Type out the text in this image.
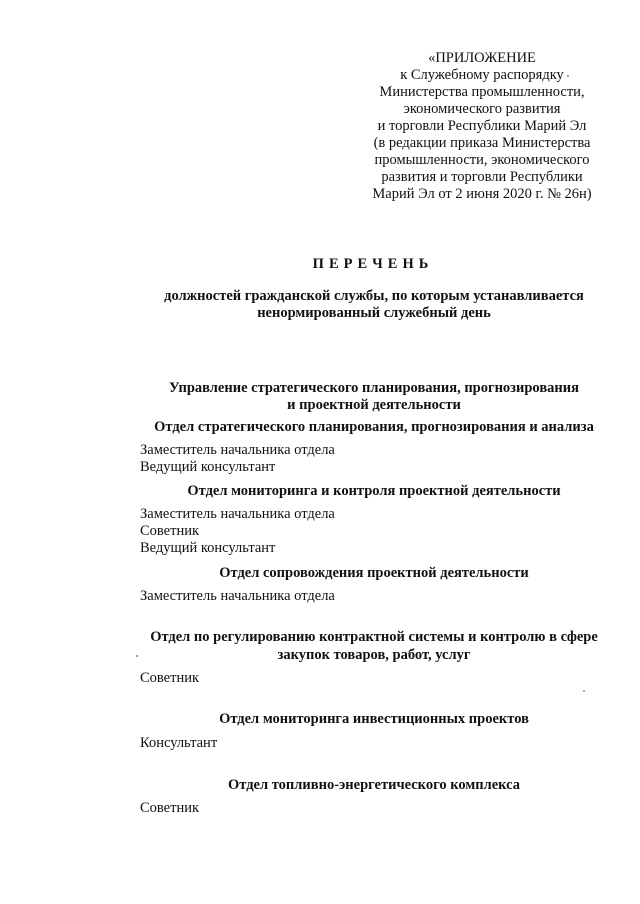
«ПРИЛОЖЕНИЕ
к Служебному распорядку
Министерства промышленности,
экономического развития
и торговли Республики Марий Эл
(в редакции приказа Министерства
промышленности, экономического
развития и торговли Республики
Марий Эл от 2 июня 2020 г. № 26н)
ПЕРЕЧЕНЬ
должностей гражданской службы, по которым устанавливается
ненормированный служебный день
Управление стратегического планирования, прогнозирования
и проектной деятельности
Отдел стратегического планирования, прогнозирования и анализа
Заместитель начальника отдела
Ведущий консультант
Отдел мониторинга и контроля проектной деятельности
Заместитель начальника отдела
Советник
Ведущий консультант
Отдел сопровождения проектной деятельности
Заместитель начальника отдела
Отдел по регулированию контрактной системы и контролю в сфере
закупок товаров, работ, услуг
Советник
Отдел мониторинга инвестиционных проектов
Консультант
Отдел топливно-энергетического комплекса
Советник
